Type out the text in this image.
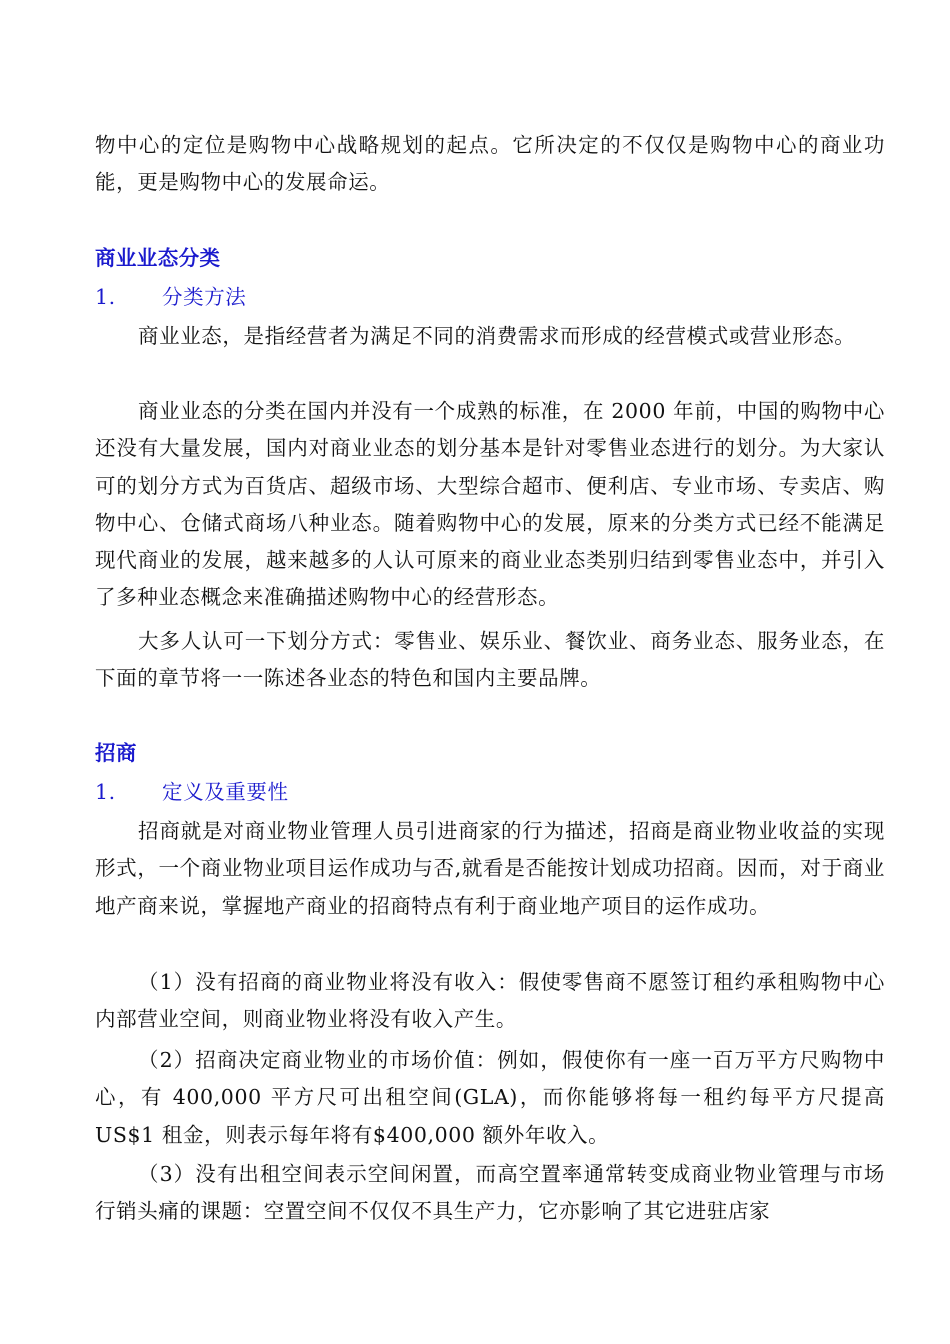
物中心的定位是购物中心战略规划的起点。它所决定的不仅仅是购物中心的商业功能，更是购物中心的发展命运。
商业业态分类
1. 分类方法
商业业态，是指经营者为满足不同的消费需求而形成的经营模式或营业形态。
商业业态的分类在国内并没有一个成熟的标准，在 2000 年前，中国的购物中心还没有大量发展，国内对商业业态的划分基本是针对零售业态进行的划分。为大家认可的划分方式为百货店、超级市场、大型综合超市、便利店、专业市场、专卖店、购物中心、仓储式商场八种业态。随着购物中心的发展，原来的分类方式已经不能满足现代商业的发展，越来越多的人认可原来的商业业态类别归结到零售业态中，并引入了多种业态概念来准确描述购物中心的经营形态。
大多人认可一下划分方式：零售业、娱乐业、餐饮业、商务业态、服务业态，在下面的章节将一一陈述各业态的特色和国内主要品牌。
招商
1. 定义及重要性
招商就是对商业物业管理人员引进商家的行为描述，招商是商业物业收益的实现形式，一个商业物业项目运作成功与否,就看是否能按计划成功招商。因而，对于商业地产商来说，掌握地产商业的招商特点有利于商业地产项目的运作成功。
（1）没有招商的商业物业将没有收入：假使零售商不愿签订租约承租购物中心内部营业空间，则商业物业将没有收入产生。
（2）招商决定商业物业的市场价值：例如，假使你有一座一百万平方尺购物中心，有 400,000 平方尺可出租空间(GLA)，而你能够将每一租约每平方尺提高 US$1 租金，则表示每年将有$400,000 额外年收入。
（3）没有出租空间表示空间闲置，而高空置率通常转变成商业物业管理与市场行销头痛的课题：空置空间不仅仅不具生产力，它亦影响了其它进驻店家
